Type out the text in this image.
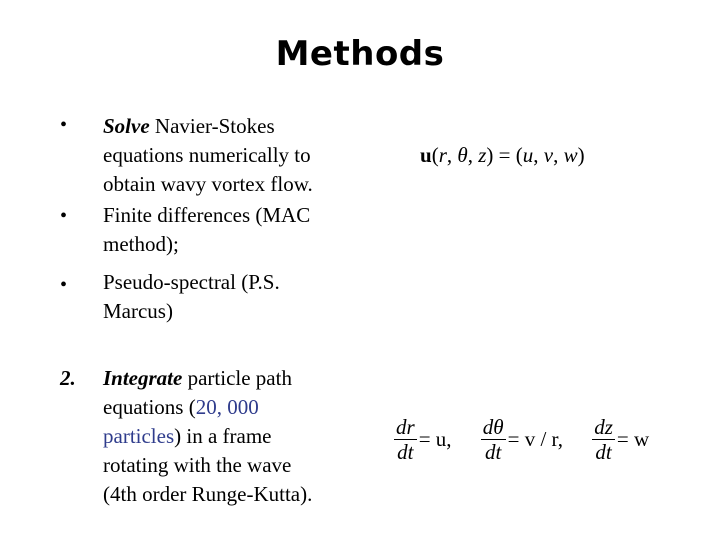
Methods
• Solve Navier-Stokes
equations numerically to
obtain wavy vortex flow.
• Finite differences (MAC
method);
• Pseudo-spectral (P.S.
Marcus)
2. Integrate particle path
equations (20, 000
particles) in a frame
rotating with the wave
(4th order Runge-Kutta).
u(r, θ, z) = (u, v, w)
$\frac{dr}{dt} = u$, $\frac{d\theta}{dt} = v / r$, $\frac{dz}{dt} = w$
